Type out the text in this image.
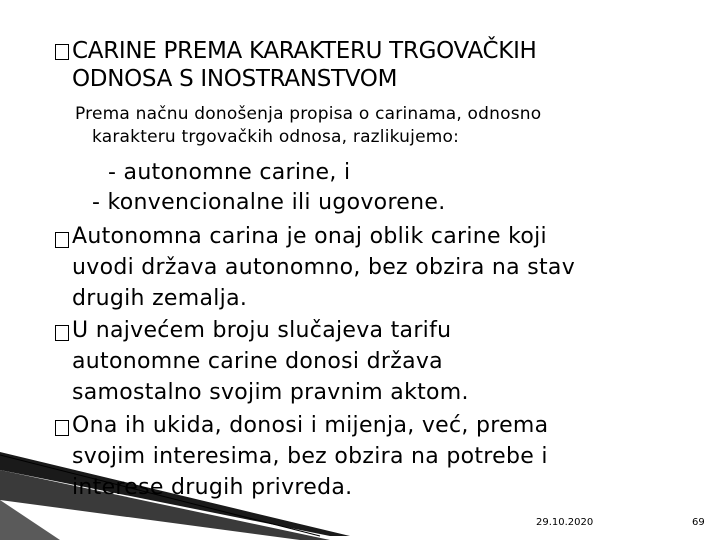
CARINE PREMA KARAKTERU TRGOVAČKIH
ODNOSA S INOSTRANSTVOM
Prema načnu donošenja propisa o carinama, odnosno
karakteru trgovačkih odnosa, razlikujemo:
- autonomne carine, i
- konvencionalne ili ugovorene.
Autonomna carina je onaj oblik carine koji
uvodi država autonomno, bez obzira na stav
drugih zemalja.
U najvećem broju slučajeva tarifu
autonomne carine donosi država
samostalno svojim pravnim aktom.
Ona ih ukida, donosi i mijenja, već, prema
svojim interesima, bez obzira na potrebe i
interese drugih privreda.
29.10.2020	69
